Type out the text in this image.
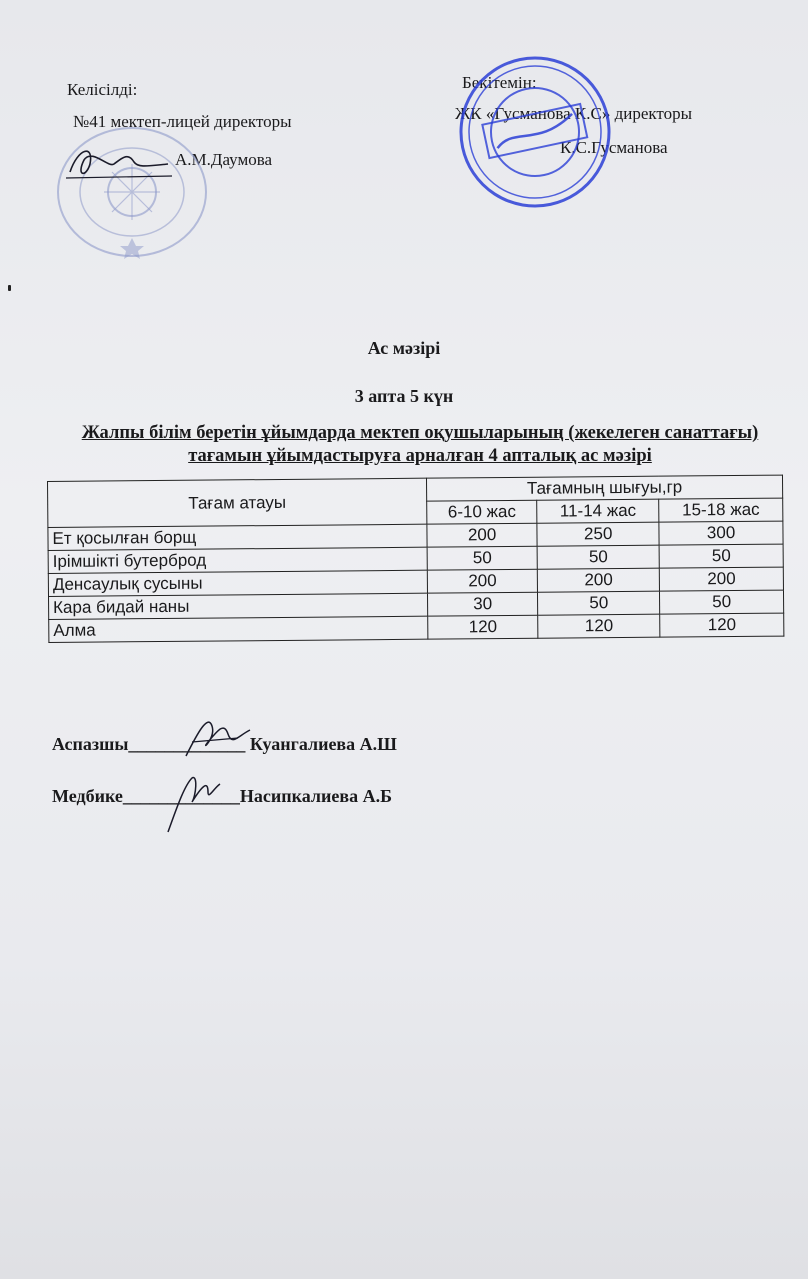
Келісілді:
№41 мектеп-лицей директоры
А.М.Даумова
Бекітемін:
ЖК «Гусманова К.С» директоры
К.С.Гусманова
Ас мәзірі
3 апта 5 күн
Жалпы білім беретін ұйымдарда мектеп оқушыларының (жекелеген санаттағы) тағамын ұйымдастыруға арналған 4 апталық ас мәзірі
Тағам атауы	Тағамның шығуы,гр		
	6-10 жас	11-14 жас	15-18 жас
Ет қосылған борщ	200	250	300
Ірімшікті бутерброд	50	50	50
Денсаулық сусыны	200	200	200
Кара бидай наны	30	50	50
Алма	120	120	120
Аспазшы_____________ Куангалиева А.Ш
Медбике_____________Насипкалиева А.Б
